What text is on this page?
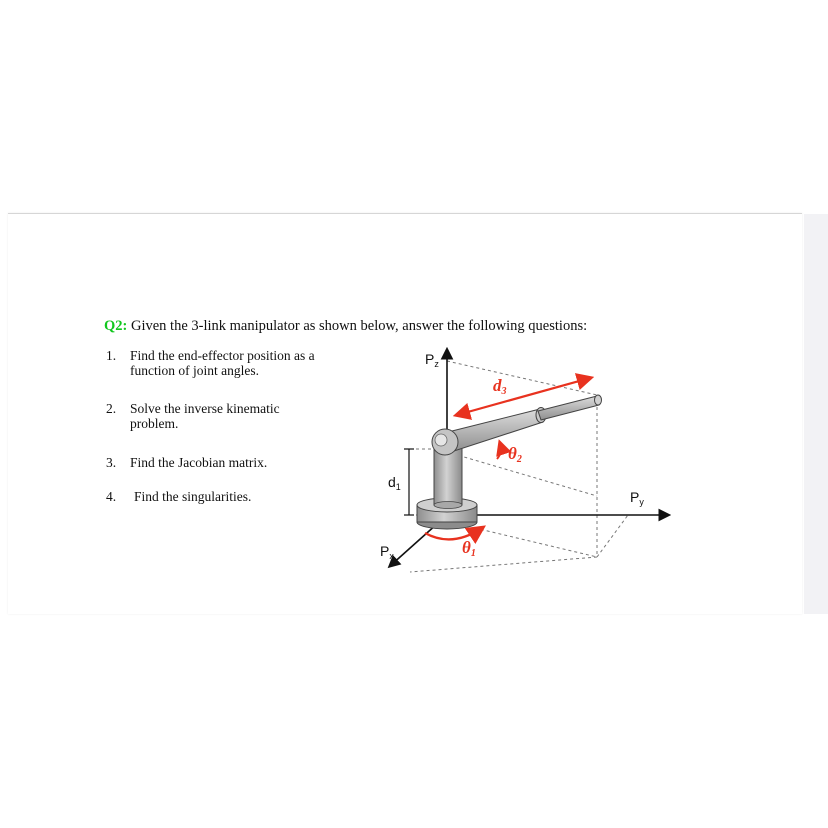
Q2: Given the 3-link manipulator as shown below, answer the following questions:
1.	Find the end-effector position as a function of joint angles.
2.	Solve the inverse kinematic problem.
3.	Find the Jacobian matrix.
4.	Find the singularities.
$P_z$
$P_y$
$P_x$
$d_1$
d3
θ2
θ1
